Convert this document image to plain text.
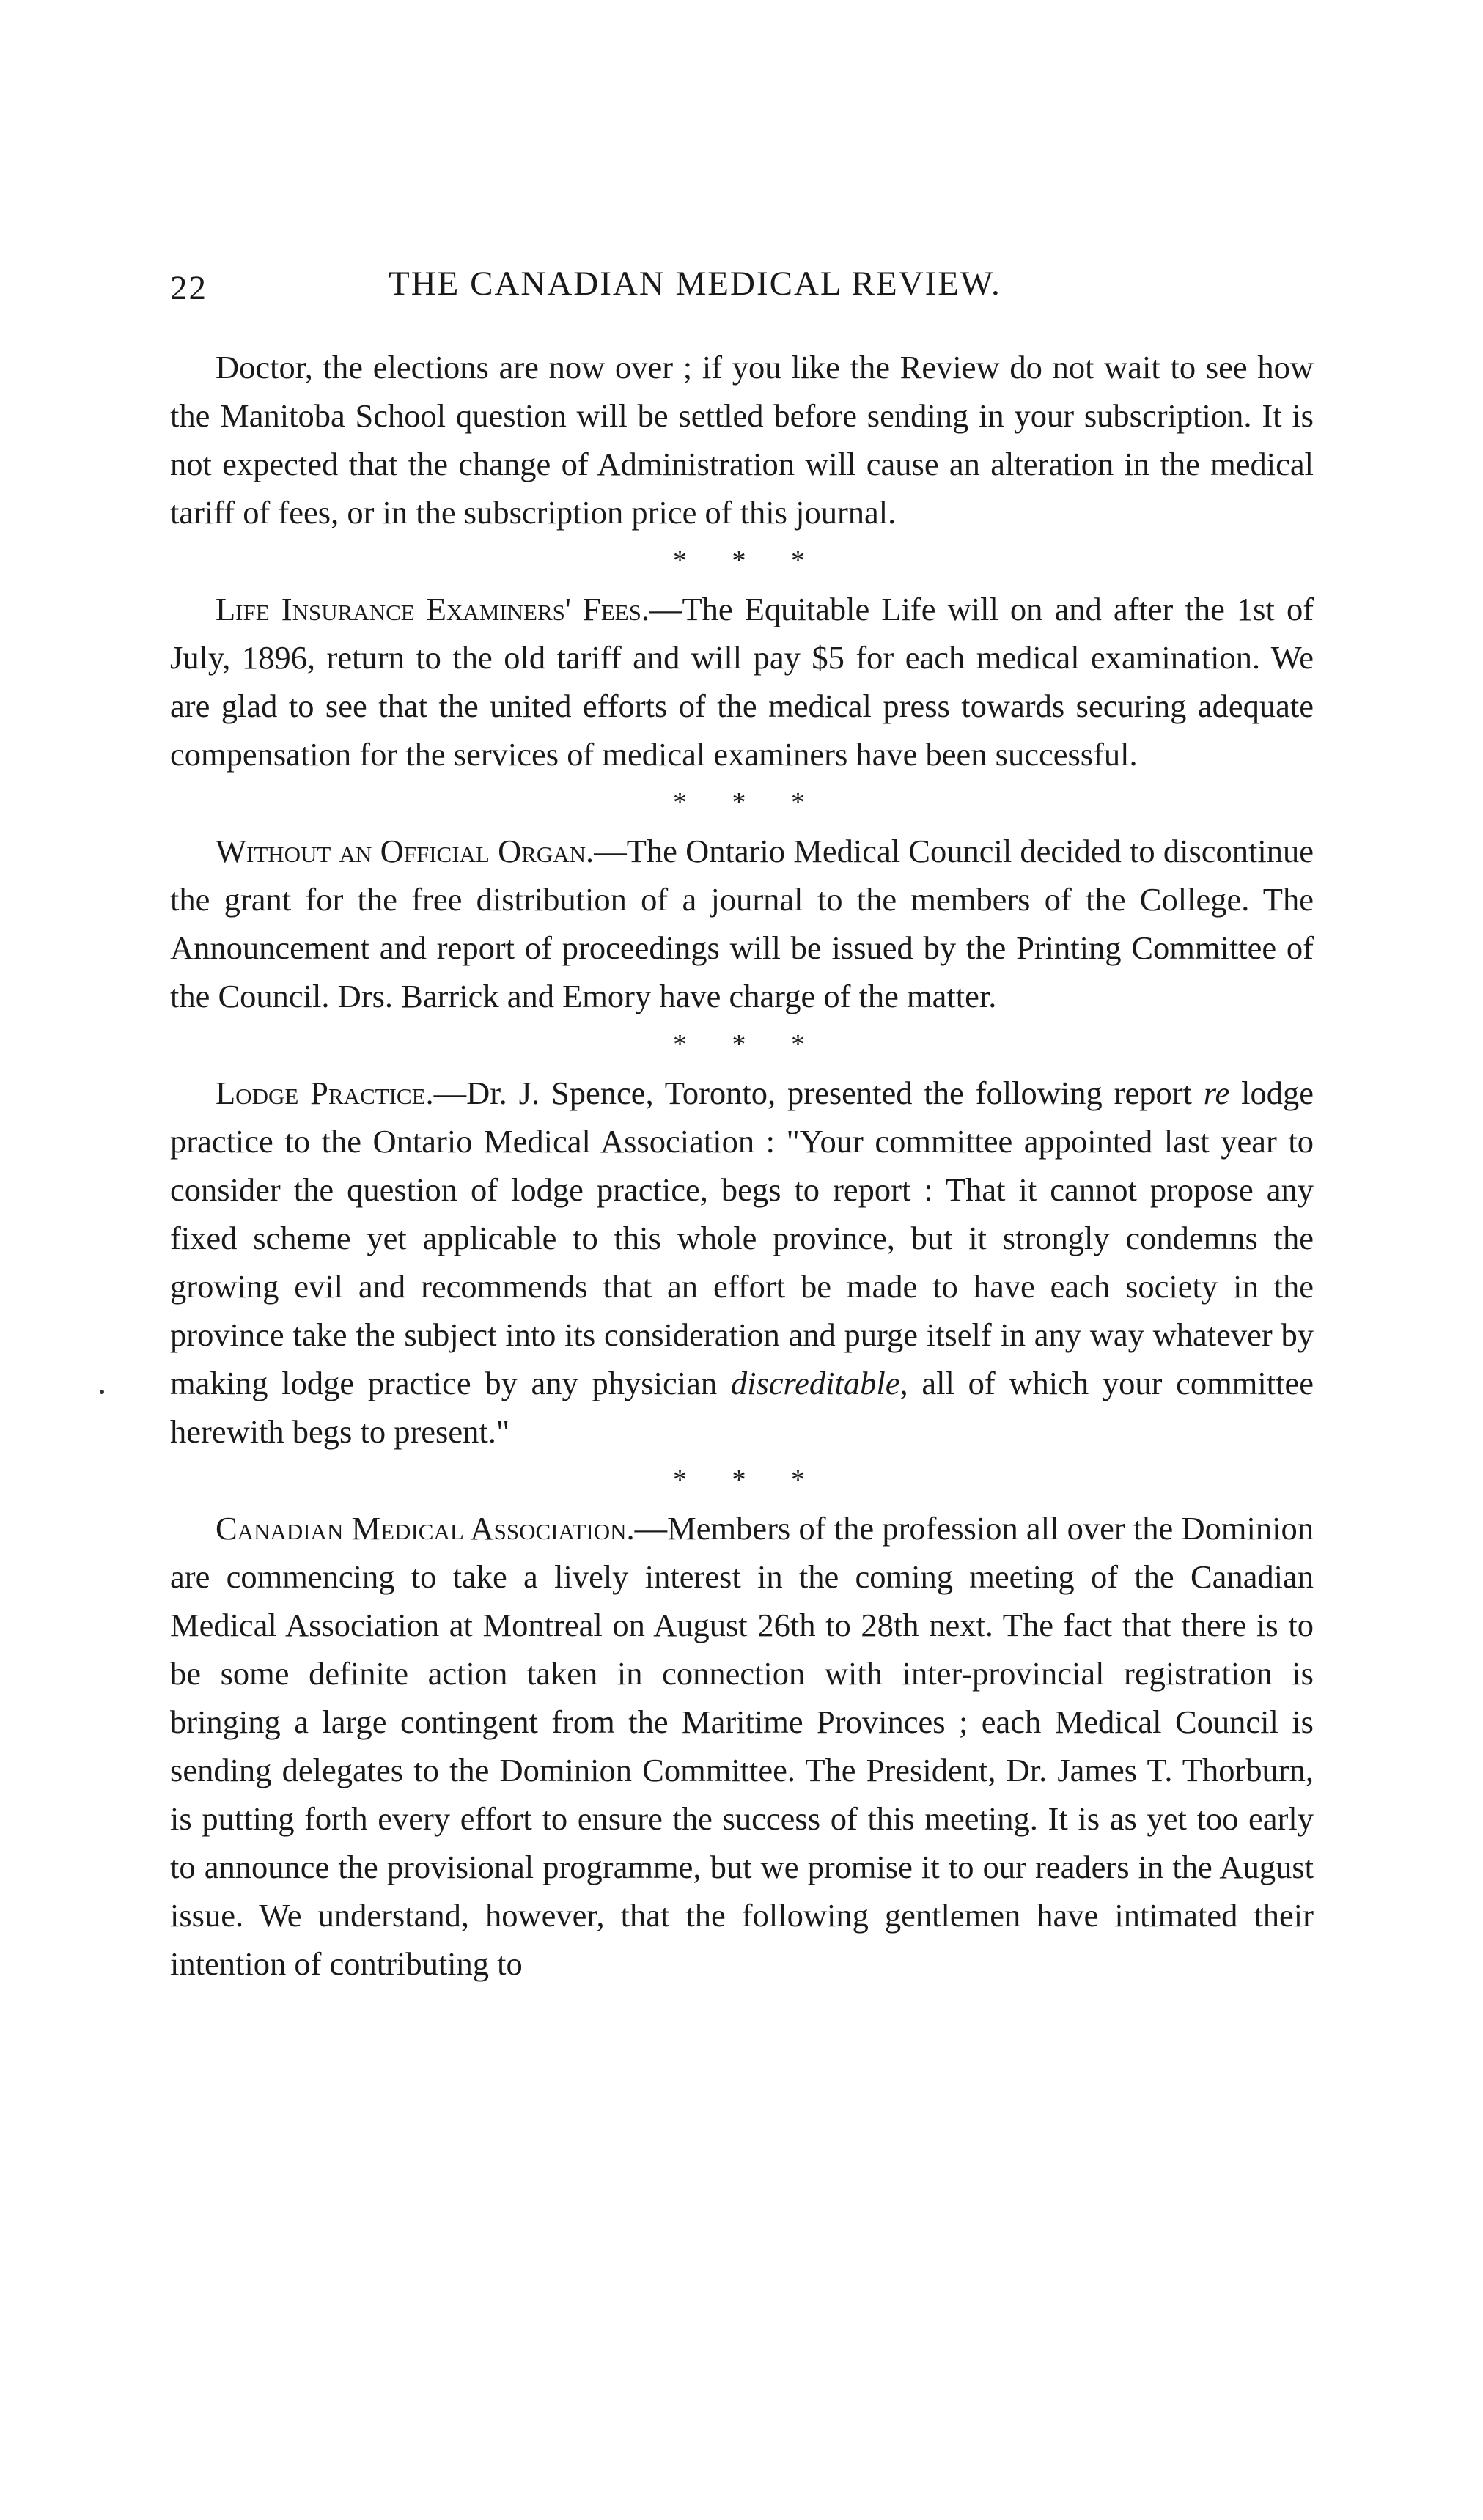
22	THE CANADIAN MEDICAL REVIEW.

Doctor, the elections are now over ; if you like the Review do not wait to see how the Manitoba School question will be settled before sending in your subscription. It is not expected that the change of Administration will cause an alteration in the medical tariff of fees, or in the subscription price of this journal.

* * *

Life Insurance Examiners' Fees.—The Equitable Life will on and after the 1st of July, 1896, return to the old tariff and will pay $5 for each medical examination. We are glad to see that the united efforts of the medical press towards securing adequate compensation for the services of medical examiners have been successful.

* * *

Without an Official Organ.—The Ontario Medical Council decided to discontinue the grant for the free distribution of a journal to the members of the College. The Announcement and report of proceedings will be issued by the Printing Committee of the Council. Drs. Barrick and Emory have charge of the matter.

* * *

Lodge Practice.—Dr. J. Spence, Toronto, presented the following report re lodge practice to the Ontario Medical Association : "Your committee appointed last year to consider the question of lodge practice, begs to report : That it cannot propose any fixed scheme yet applicable to this whole province, but it strongly condemns the growing evil and recommends that an effort be made to have each society in the province take the subject into its consideration and purge itself in any way whatever by making lodge practice by any physician discreditable, all of which your committee herewith begs to present."

* * *

Canadian Medical Association.—Members of the profession all over the Dominion are commencing to take a lively interest in the coming meeting of the Canadian Medical Association at Montreal on August 26th to 28th next. The fact that there is to be some definite action taken in connection with inter-provincial registration is bringing a large contingent from the Maritime Provinces ; each Medical Council is sending delegates to the Dominion Committee. The President, Dr. James T. Thorburn, is putting forth every effort to ensure the success of this meeting. It is as yet too early to announce the provisional programme, but we promise it to our readers in the August issue. We understand, however, that the following gentlemen have intimated their intention of contributing to
